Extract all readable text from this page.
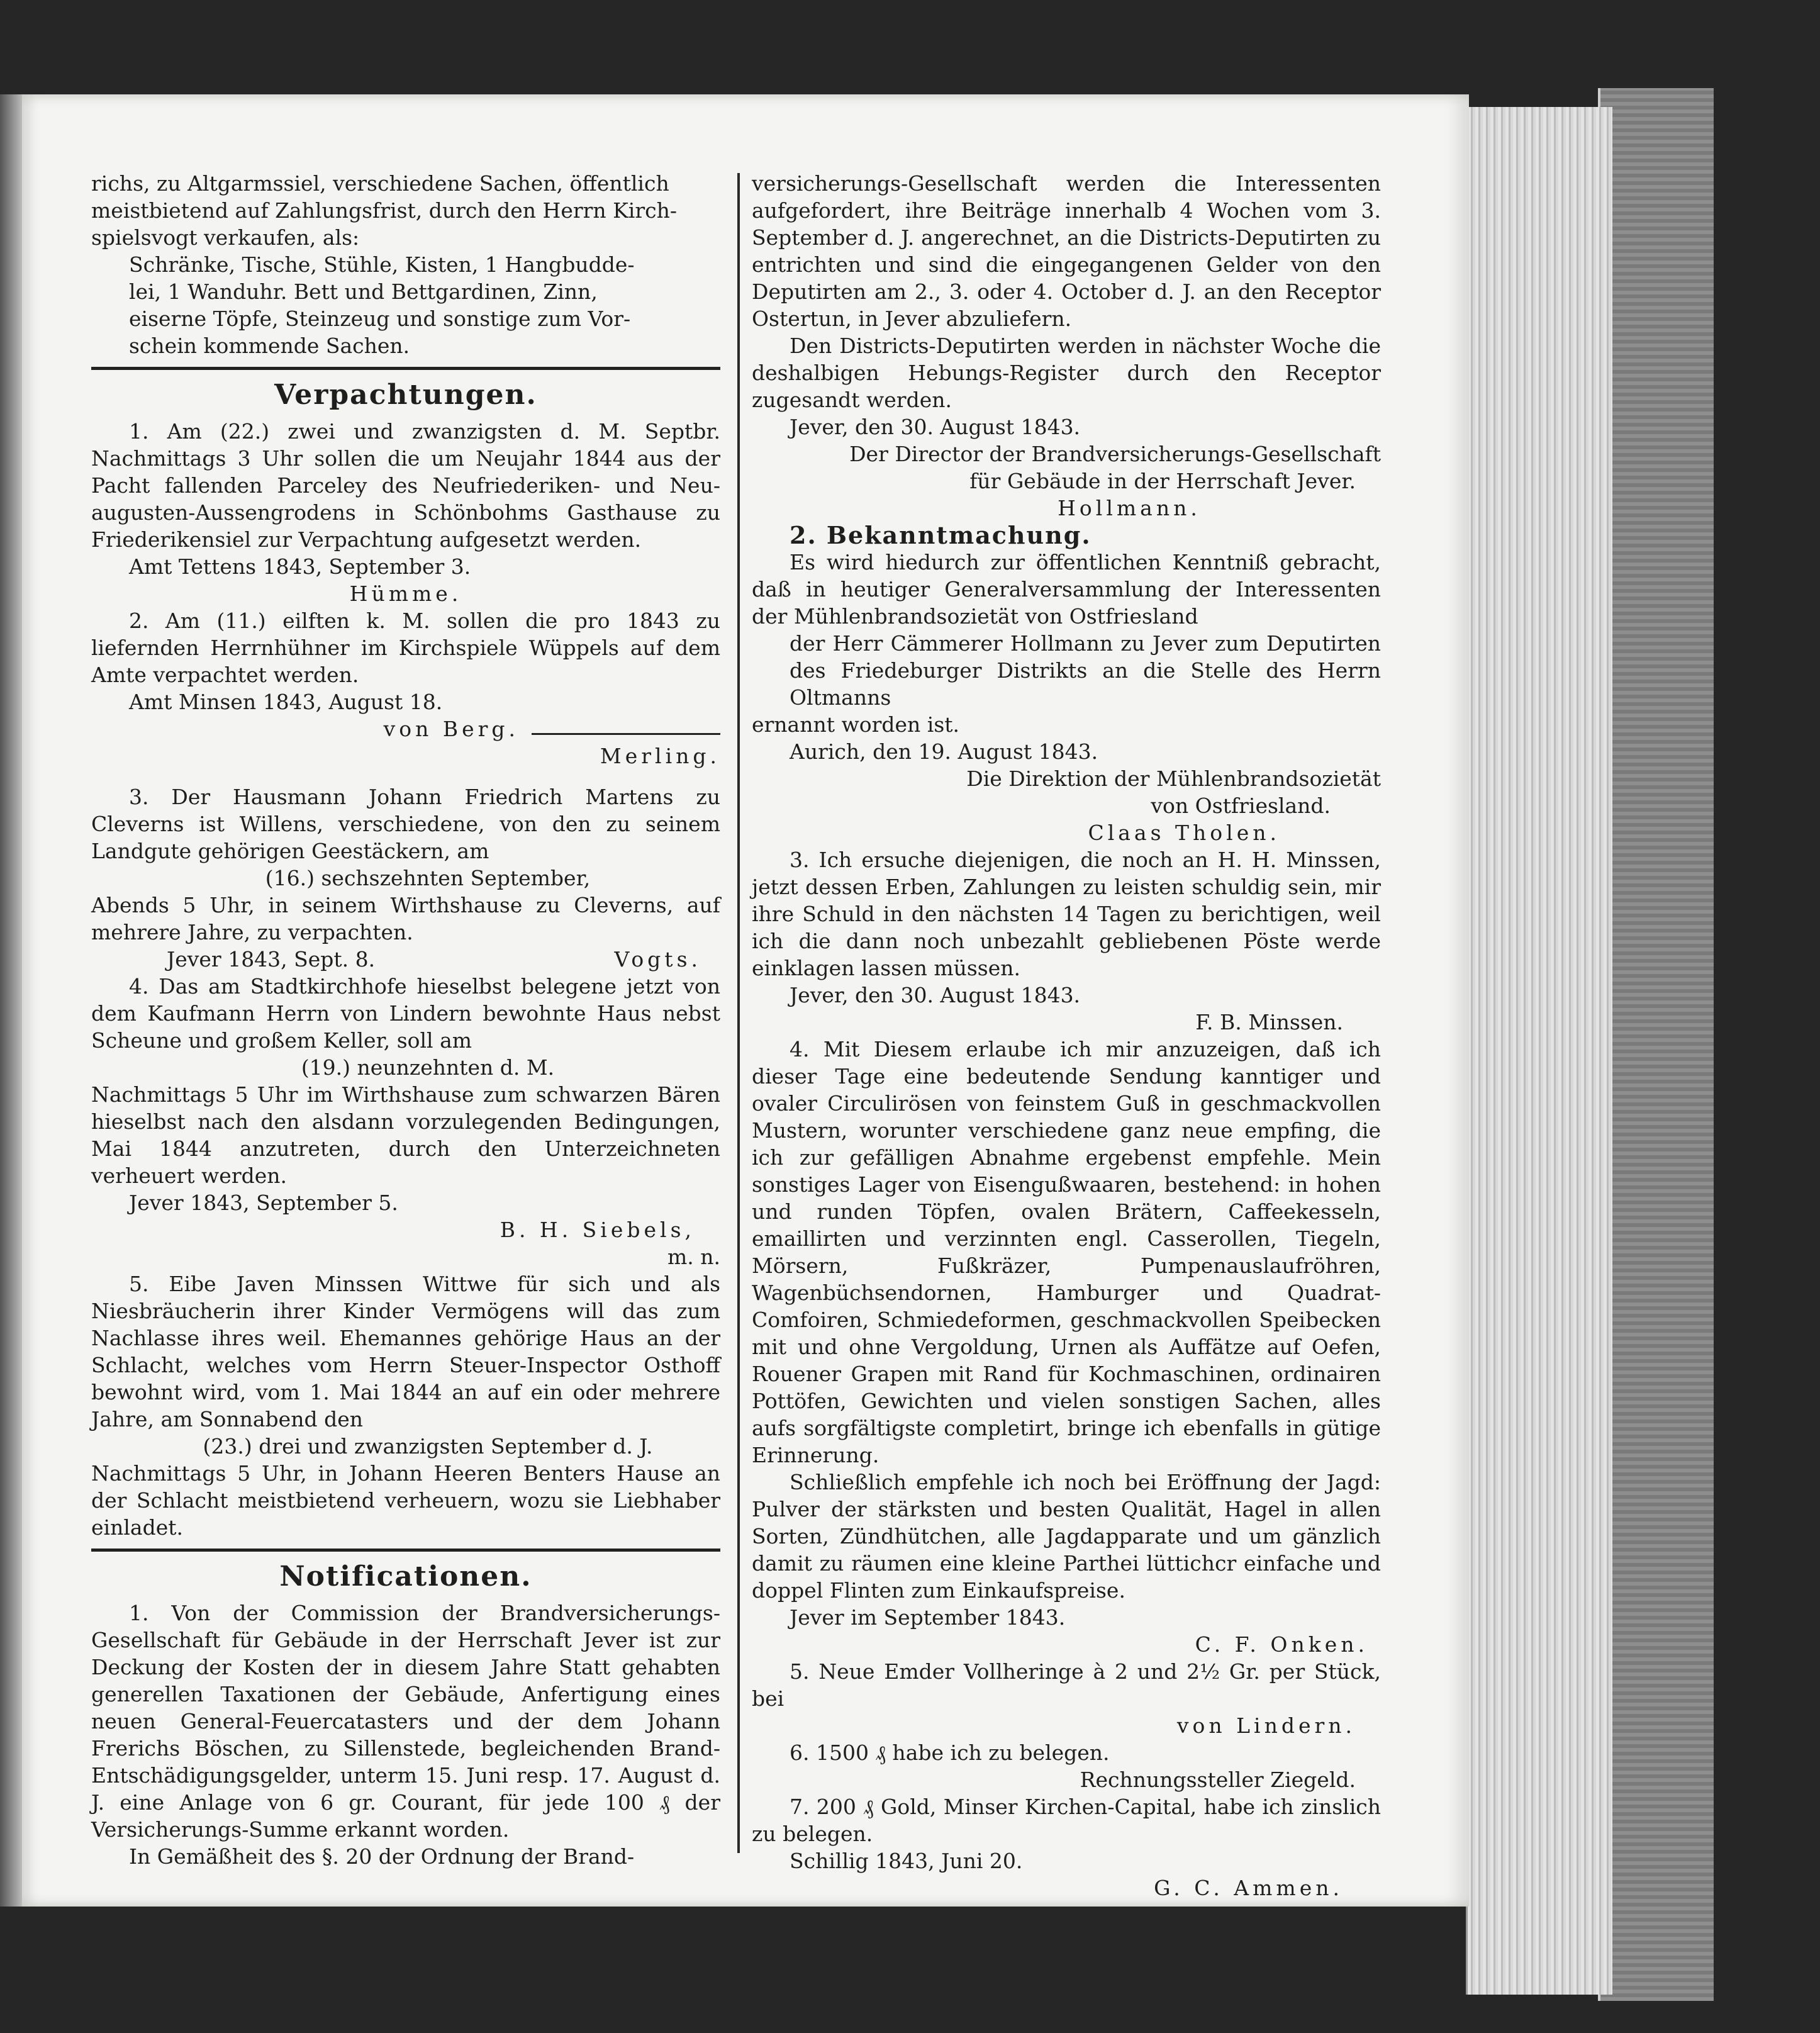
richs, zu Altgarmssiel, verschiedene Sachen, öffentlich

meistbietend auf Zahlungsfrist, durch den Herrn Kirch-

spielsvogt verkaufen, als:

Schränke, Tische, Stühle, Kisten, 1 Hangbudde-

lei, 1 Wanduhr. Bett und Bettgardinen, Zinn,

eiserne Töpfe, Steinzeug und sonstige zum Vor-

schein kommende Sachen.

Verpachtungen.

1. Am (22.) zwei und zwanzigsten d. M. Septbr. Nachmittags 3 Uhr sollen die um Neujahr 1844 aus der Pacht fallenden Parceley des Neufriederiken- und Neu-augusten-Aussengrodens in Schönbohms Gasthause zu Friederikensiel zur Verpachtung aufgesetzt werden.

Amt Tettens 1843, September 3.

Hümme.

2. Am (11.) eilften k. M. sollen die pro 1843 zu liefernden Herrnhühner im Kirchspiele Wüppels auf dem Amte verpachtet werden.

Amt Minsen 1843, August 18.

von Berg.

Merling.

3. Der Hausmann Johann Friedrich Martens zu Cleverns ist Willens, verschiedene, von den zu seinem Landgute gehörigen Geestäckern, am

(16.) sechszehnten September,

Abends 5 Uhr, in seinem Wirthshause zu Cleverns, auf mehrere Jahre, zu verpachten.

Jever 1843, Sept. 8.	Vogts.

4. Das am Stadtkirchhofe hieselbst belegene jetzt von dem Kaufmann Herrn von Lindern bewohnte Haus nebst Scheune und großem Keller, soll am

(19.) neunzehnten d. M.

Nachmittags 5 Uhr im Wirthshause zum schwarzen Bären hieselbst nach den alsdann vorzulegenden Bedingungen, Mai 1844 anzutreten, durch den Unterzeichneten verheuert werden.

Jever 1843, September 5.

B. H. Siebels,

m. n.

5. Eibe Javen Minssen Wittwe für sich und als Niesbräucherin ihrer Kinder Vermögens will das zum Nachlasse ihres weil. Ehemannes gehörige Haus an der Schlacht, welches vom Herrn Steuer-Inspector Osthoff bewohnt wird, vom 1. Mai 1844 an auf ein oder mehrere Jahre, am Sonnabend den

(23.) drei und zwanzigsten September d. J.

Nachmittags 5 Uhr, in Johann Heeren Benters Hause an der Schlacht meistbietend verheuern, wozu sie Liebhaber einladet.

Notificationen.

1. Von der Commission der Brandversicherungs-Gesellschaft für Gebäude in der Herrschaft Jever ist zur Deckung der Kosten der in diesem Jahre Statt gehabten generellen Taxationen der Gebäude, Anfertigung eines neuen General-Feuercatasters und der dem Johann Frerichs Böschen, zu Sillenstede, begleichenden Brand-Entschädigungsgelder, unterm 15. Juni resp. 17. August d. J. eine Anlage von 6 gr. Courant, für jede 100 ₰ der Versicherungs-Summe erkannt worden.

In Gemäßheit des §. 20 der Ordnung der Brand-

versicherungs-Gesellschaft werden die Interessenten aufgefordert, ihre Beiträge innerhalb 4 Wochen vom 3. September d. J. angerechnet, an die Districts-Deputirten zu entrichten und sind die eingegangenen Gelder von den Deputirten am 2., 3. oder 4. October d. J. an den Receptor Ostertun, in Jever abzuliefern.

Den Districts-Deputirten werden in nächster Woche die deshalbigen Hebungs-Register durch den Receptor zugesandt werden.

Jever, den 30. August 1843.

Der Director der Brandversicherungs-Gesellschaft

für Gebäude in der Herrschaft Jever.

Hollmann.

2. Bekanntmachung.

Es wird hiedurch zur öffentlichen Kenntniß gebracht, daß in heutiger Generalversammlung der Interessenten der Mühlenbrandsozietät von Ostfriesland

der Herr Cämmerer Hollmann zu Jever zum Deputirten des Friedeburger Distrikts an die Stelle des Herrn Oltmanns

ernannt worden ist.

Aurich, den 19. August 1843.

Die Direktion der Mühlenbrandsozietät

von Ostfriesland.

Claas Tholen.

3. Ich ersuche diejenigen, die noch an H. H. Minssen, jetzt dessen Erben, Zahlungen zu leisten schuldig sein, mir ihre Schuld in den nächsten 14 Tagen zu berichtigen, weil ich die dann noch unbezahlt gebliebenen Pöste werde einklagen lassen müssen.

Jever, den 30. August 1843.

F. B. Minssen.

4. Mit Diesem erlaube ich mir anzuzeigen, daß ich dieser Tage eine bedeutende Sendung kanntiger und ovaler Circulirösen von feinstem Guß in geschmackvollen Mustern, worunter verschiedene ganz neue empfing, die ich zur gefälligen Abnahme ergebenst empfehle. Mein sonstiges Lager von Eisengußwaaren, bestehend: in hohen und runden Töpfen, ovalen Brätern, Caffeekesseln, emaillirten und verzinnten engl. Casserollen, Tiegeln, Mörsern, Fußkräzer, Pumpenauslaufröhren, Wagenbüchsendornen, Hamburger und Quadrat-Comfoiren, Schmiedeformen, geschmackvollen Speibecken mit und ohne Vergoldung, Urnen als Auffätze auf Oefen, Rouener Grapen mit Rand für Kochmaschinen, ordinairen Pottöfen, Gewichten und vielen sonstigen Sachen, alles aufs sorgfältigste completirt, bringe ich ebenfalls in gütige Erinnerung.

Schließlich empfehle ich noch bei Eröffnung der Jagd: Pulver der stärksten und besten Qualität, Hagel in allen Sorten, Zündhütchen, alle Jagdapparate und um gänzlich damit zu räumen eine kleine Parthei lüttichcr einfache und doppel Flinten zum Einkaufspreise.

Jever im September 1843.

C. F. Onken.

5. Neue Emder Vollheringe à 2 und 2½ Gr. per Stück, bei

von Lindern.

6. 1500 ₰ habe ich zu belegen.

Rechnungssteller Ziegeld.

7. 200 ₰ Gold, Minser Kirchen-Capital, habe ich zinslich zu belegen.

Schillig 1843, Juni 20.

G. C. Ammen.
